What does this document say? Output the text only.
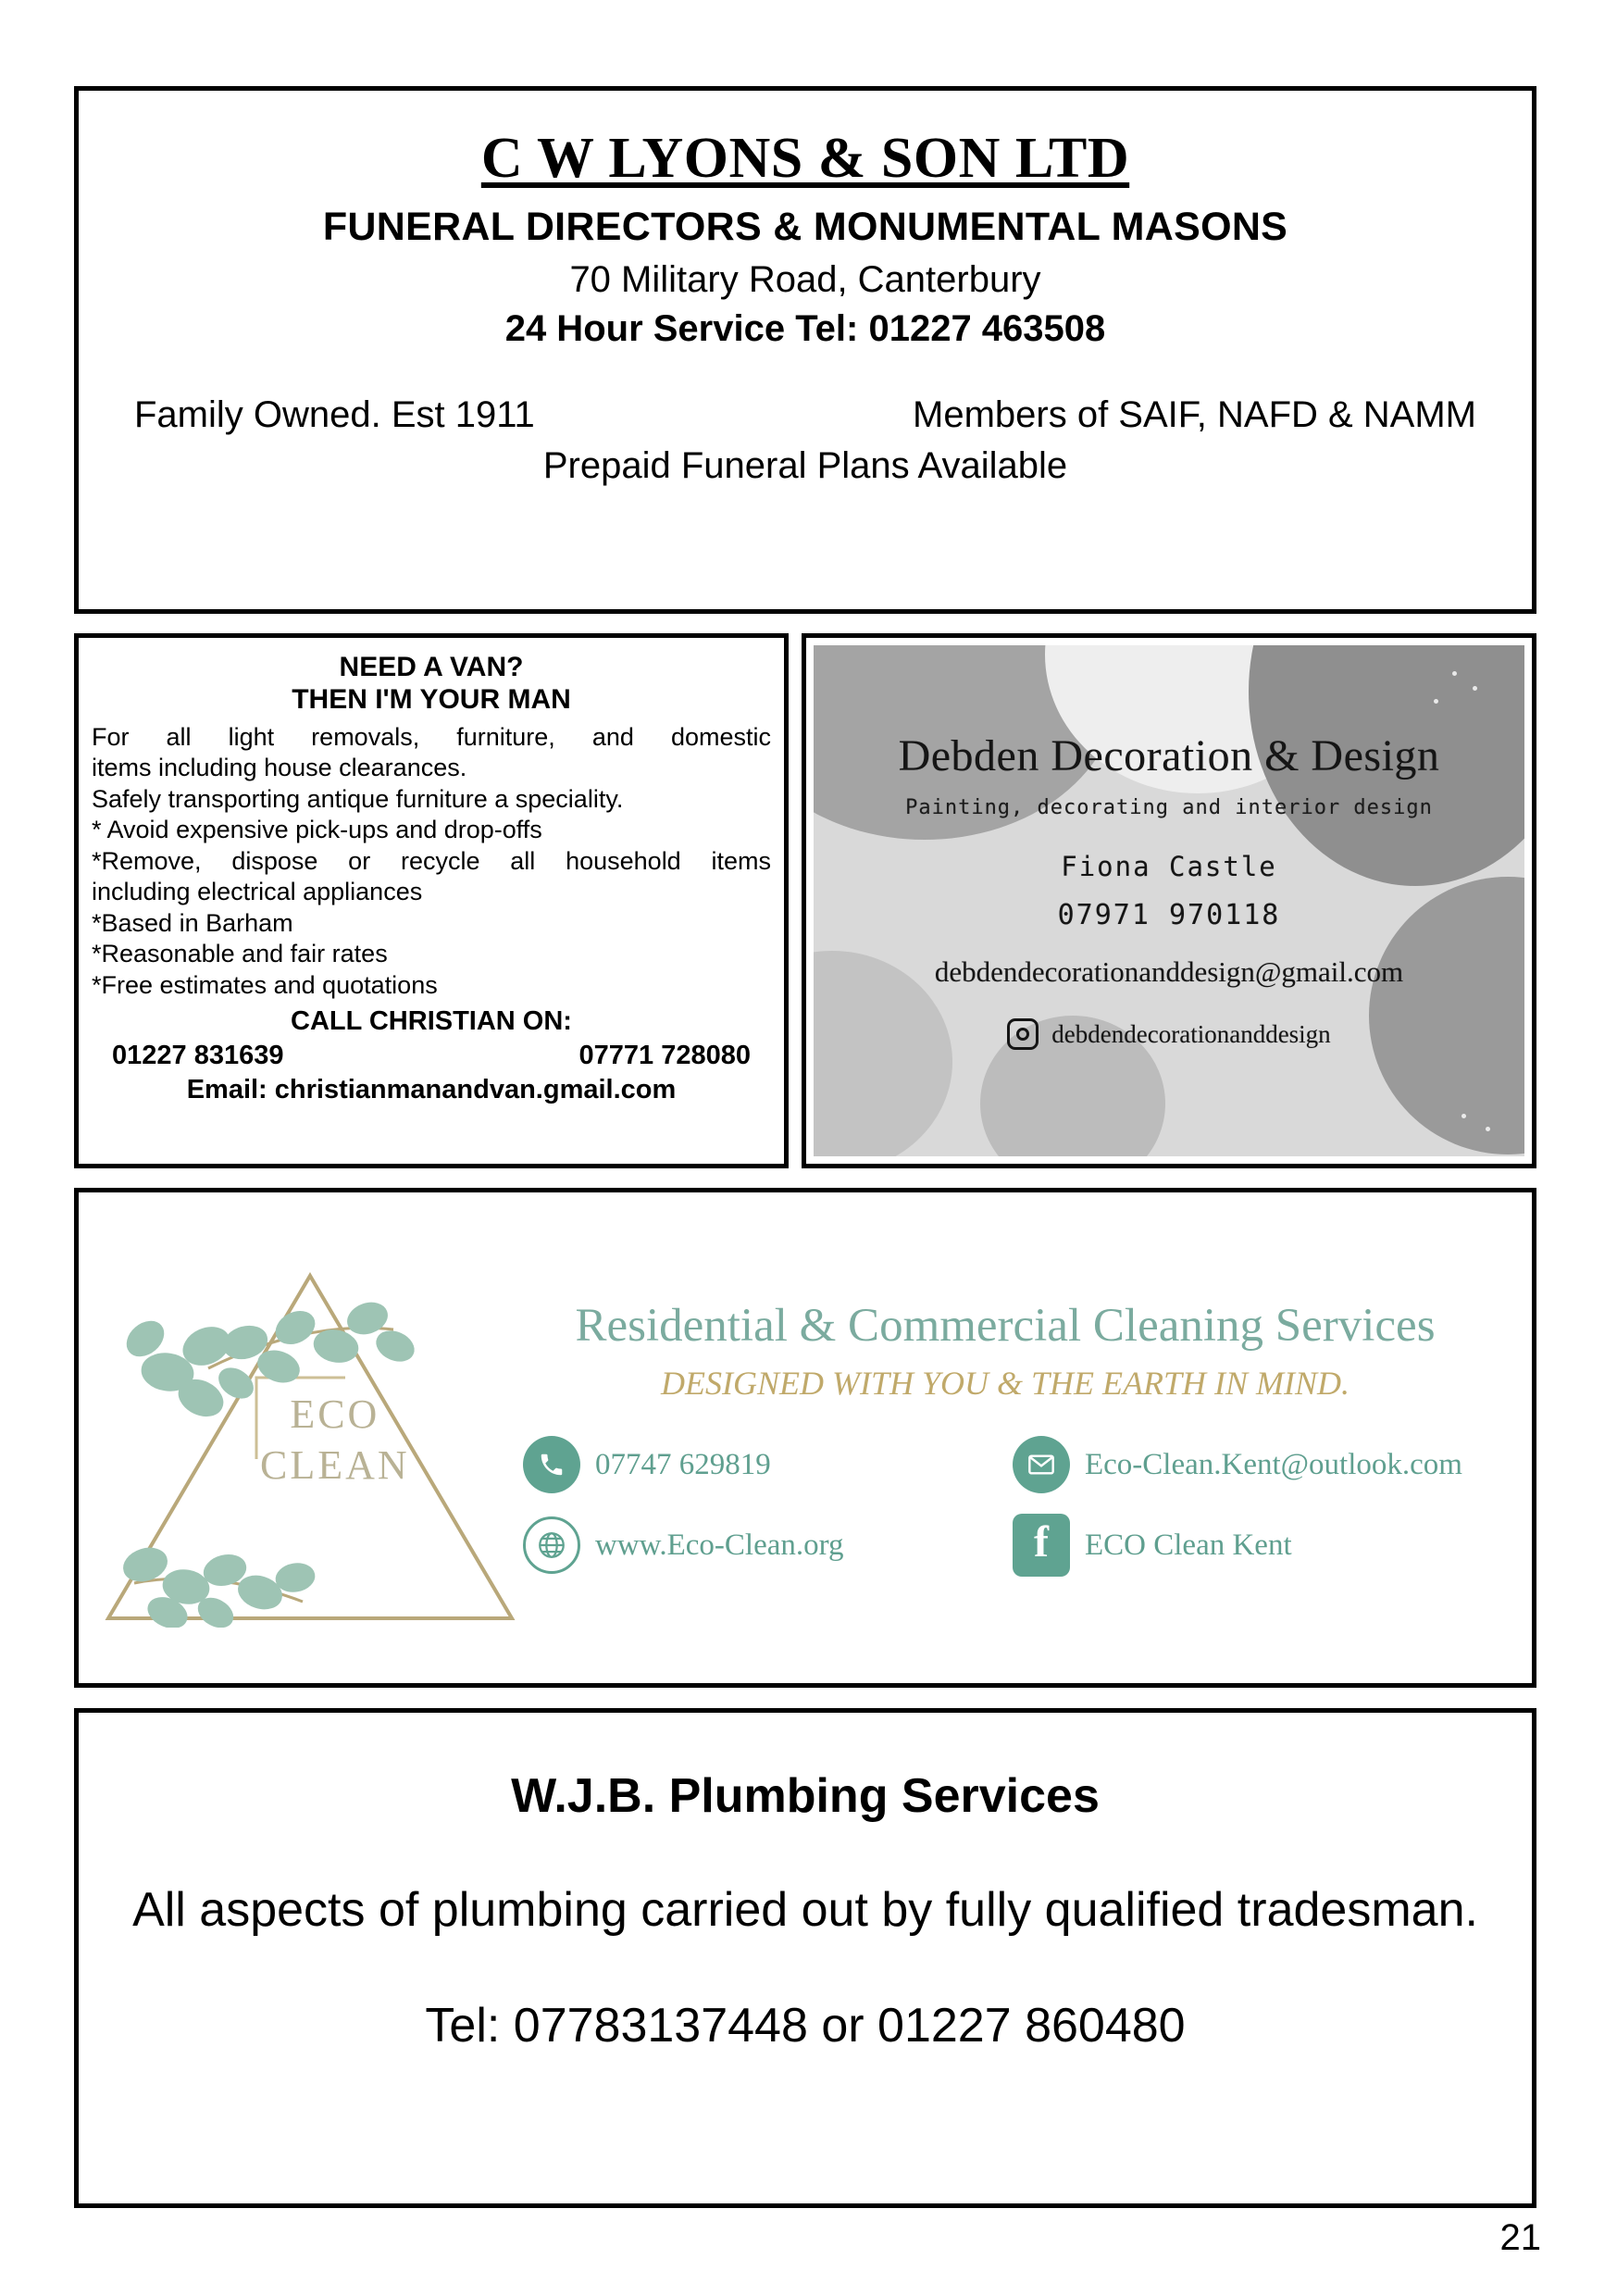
C W LYONS & SON LTD
FUNERAL DIRECTORS & MONUMENTAL MASONS
70 Military Road, Canterbury
24 Hour Service Tel: 01227 463508
Family Owned. Est 1911	Members of SAIF, NAFD & NAMM
Prepaid Funeral Plans Available
NEED A VAN?
THEN I'M YOUR MAN

For all light removals, furniture, and domestic

items including house clearances.

Safely transporting antique furniture a speciality.

* Avoid expensive pick-ups and drop-offs

*Remove, dispose or recycle all household items

including electrical appliances

*Based in Barham

*Reasonable and fair rates

*Free estimates and quotations

CALL CHRISTIAN ON:
01227 831639	07771 728080
Email: christianmanandvan.gmail.com
Debden Decoration & Design
Painting, decorating and interior design
Fiona Castle
07971 970118
debdendecorationanddesign@gmail.com
debdendecorationanddesign
ECO
CLEAN
Residential & Commercial Cleaning Services
DESIGNED WITH YOU & THE EARTH IN MIND.
07747 629819	Eco-Clean.Kent@outlook.com
www.Eco-Clean.org	f	ECO Clean Kent
W.J.B. Plumbing Services
All aspects of plumbing carried out by fully qualified tradesman.
Tel: 07783137448 or 01227 860480
21
